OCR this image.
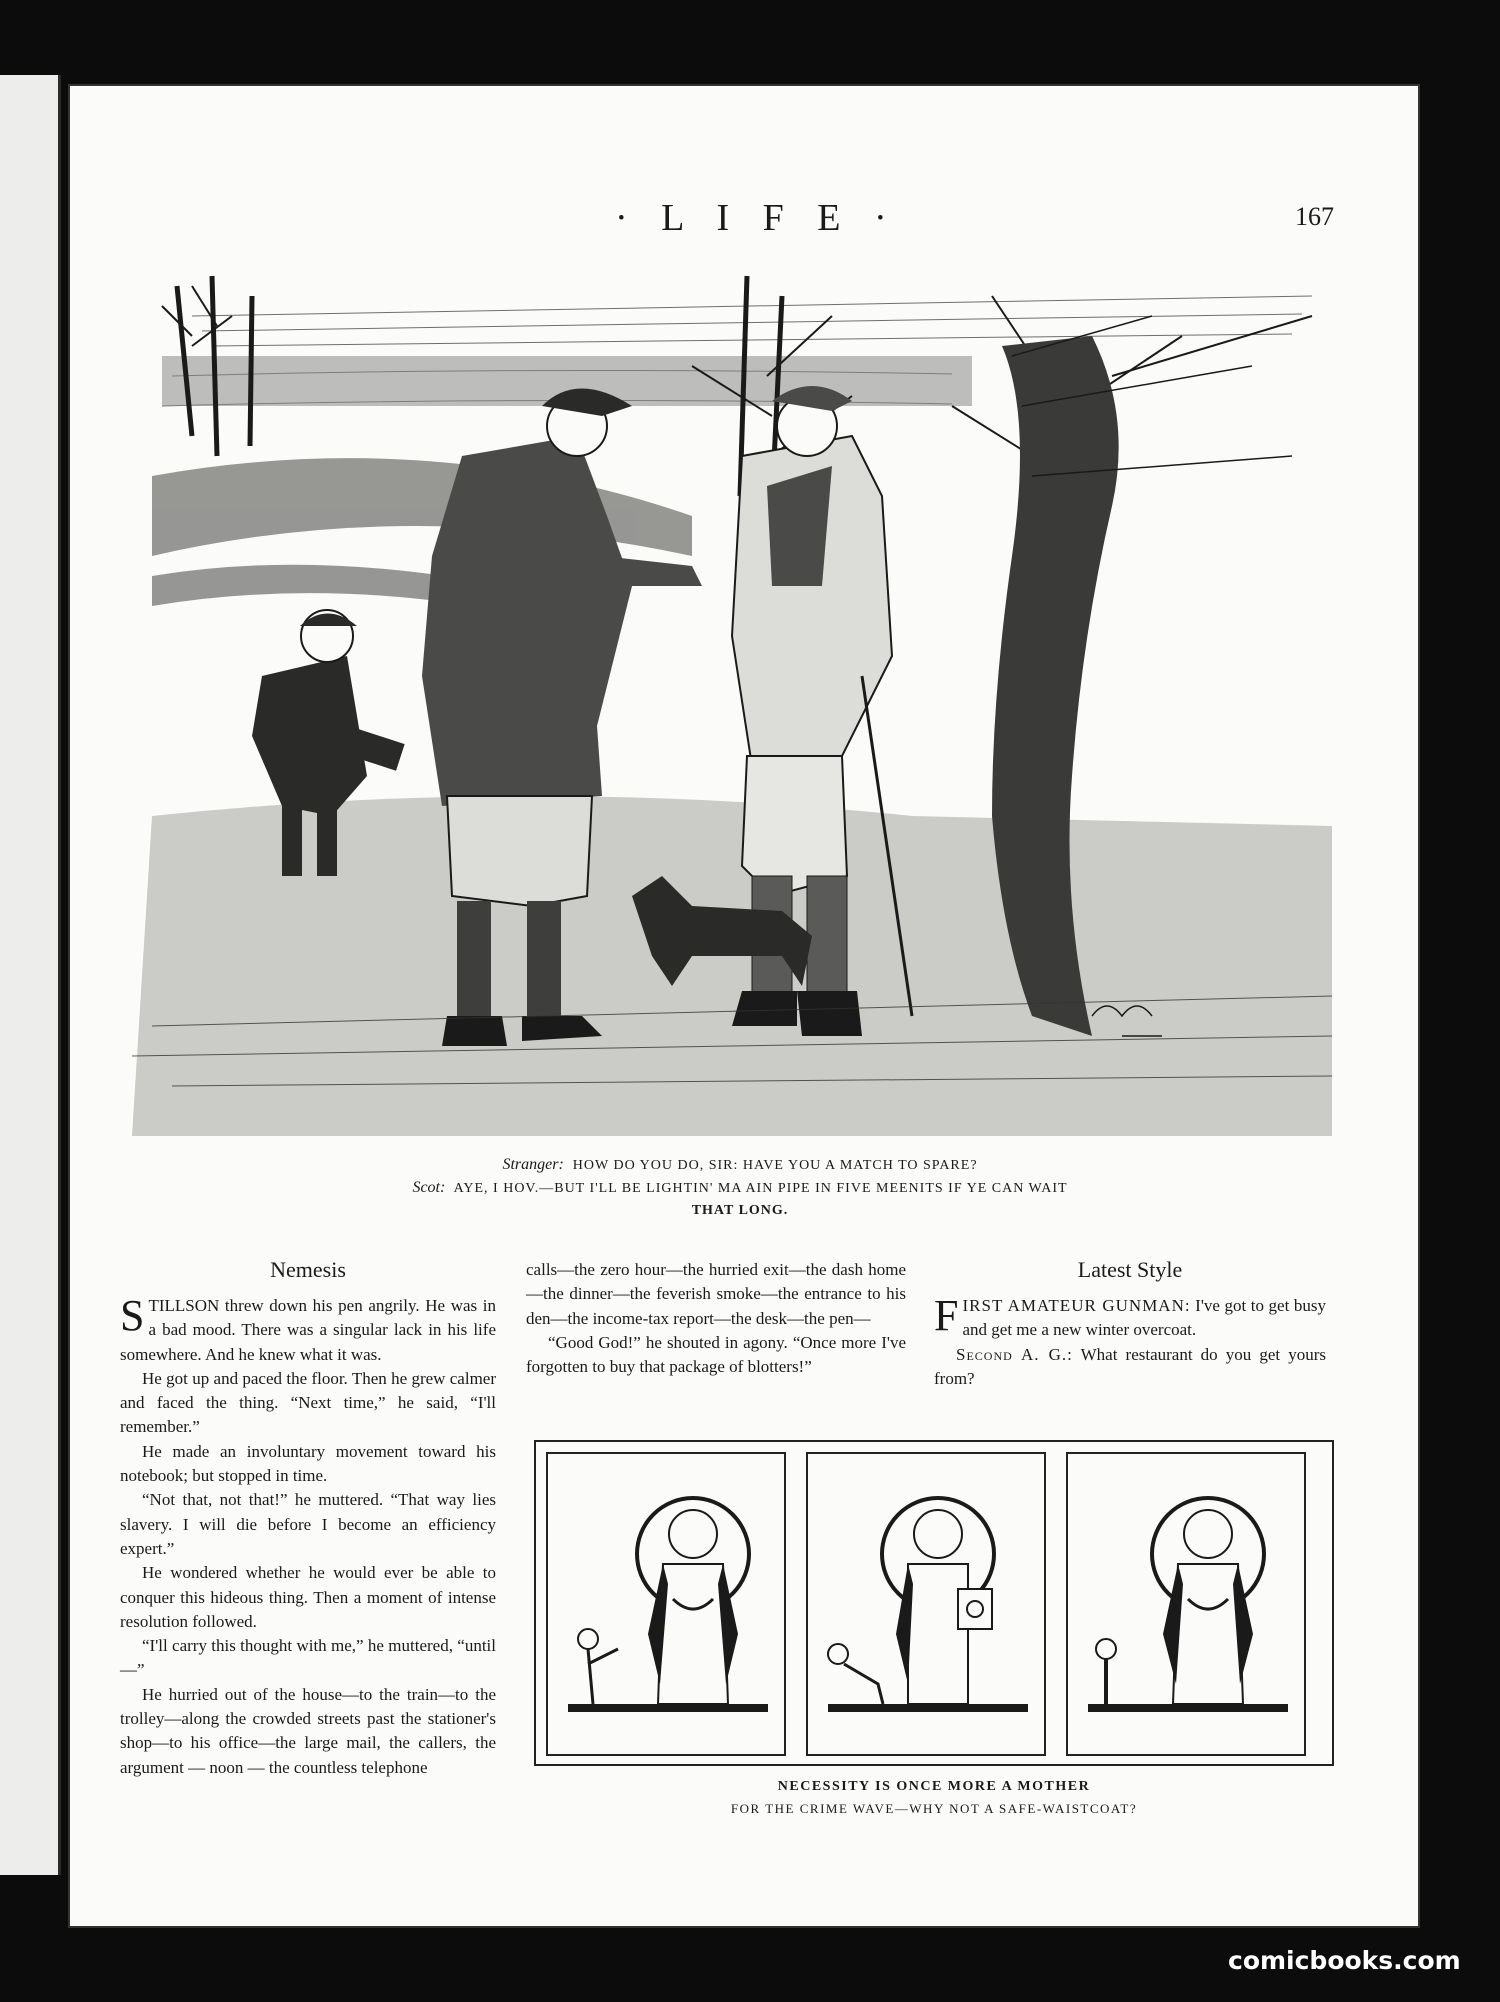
· L I F E ·	167
Stranger: HOW DO YOU DO, SIR: HAVE YOU A MATCH TO SPARE?
Scot: AYE, I HOV.—BUT I'LL BE LIGHTIN' MA AIN PIPE IN FIVE MEENITS IF YE CAN WAIT
THAT LONG.
Nemesis

STILLSON threw down his pen angrily. He was in a bad mood. There was a singular lack in his life somewhere. And he knew what it was.

He got up and paced the floor. Then he grew calmer and faced the thing. “Next time,” he said, “I'll remember.”

He made an involuntary movement toward his notebook; but stopped in time.

“Not that, not that!” he muttered. “That way lies slavery. I will die before I become an efficiency expert.”

He wondered whether he would ever be able to conquer this hideous thing. Then a moment of intense resolution followed.

“I'll carry this thought with me,” he muttered, “until—”

He hurried out of the house—to the train—to the trolley—along the crowded streets past the stationer's shop—to his office—the large mail, the callers, the argument — noon — the countless telephone

calls—the zero hour—the hurried exit—the dash home—the dinner—the feverish smoke—the entrance to his den—the income-tax report—the desk—the pen—

“Good God!” he shouted in agony. “Once more I've forgotten to buy that package of blotters!”

Latest Style

FIRST AMATEUR GUNMAN: I've got to get busy and get me a new winter overcoat.

Second A. G.: What restaurant do you get yours from?

NECESSITY IS ONCE MORE A MOTHER
FOR THE CRIME WAVE—WHY NOT A SAFE-WAISTCOAT?
comicbooks.com
